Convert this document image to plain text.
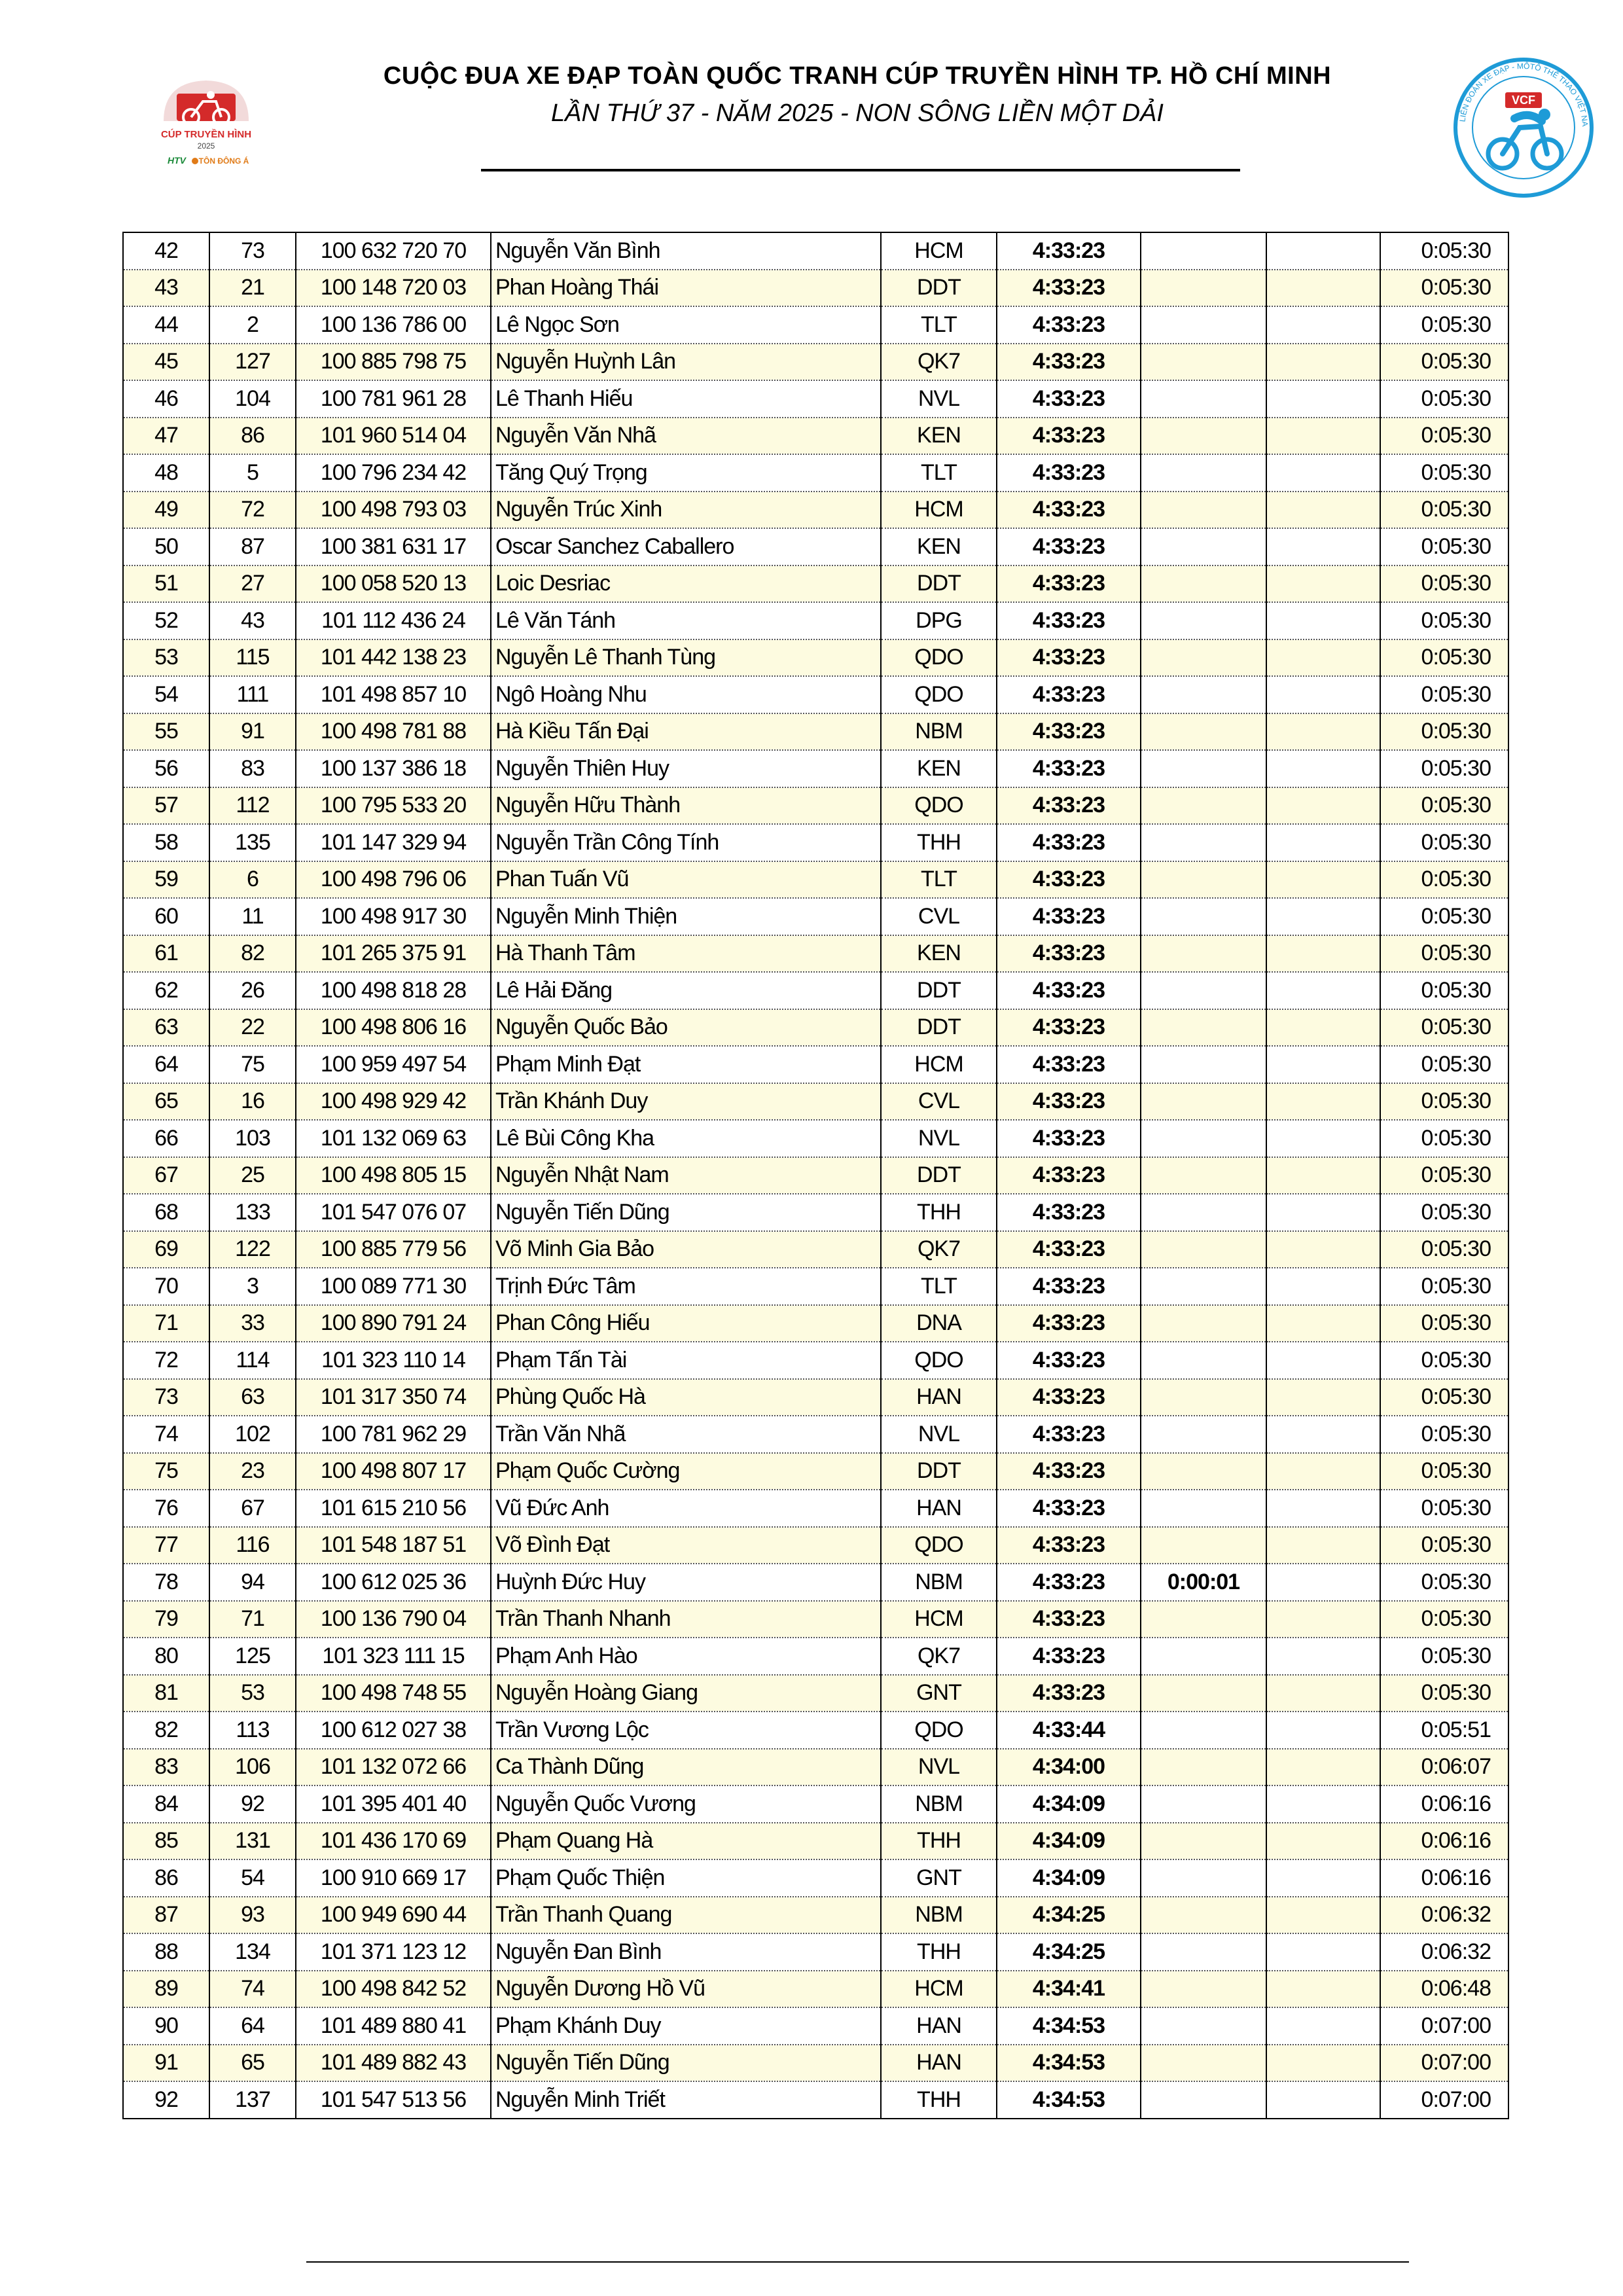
CÚP TRUYỀN HÌNH
2025
HTV TÔN ĐÔNG Á
CUỘC ĐUA XE ĐẠP TOÀN QUỐC TRANH CÚP TRUYỀN HÌNH TP. HỒ CHÍ MINH
LẦN THỨ 37 - NĂM 2025 - NON SÔNG LIỀN MỘT DẢI	LIÊN ĐOÀN XE ĐẠP - MÔTÔ THỂ THAO VIỆT NA
VCF
42	73	100 632 720 70	Nguyễn Văn Bình	HCM	4:33:23			0:05:30
43	21	100 148 720 03	Phan Hoàng Thái	DDT	4:33:23			0:05:30
44	2	100 136 786 00	Lê Ngọc Sơn	TLT	4:33:23			0:05:30
45	127	100 885 798 75	Nguyễn Huỳnh Lân	QK7	4:33:23			0:05:30
46	104	100 781 961 28	Lê Thanh Hiếu	NVL	4:33:23			0:05:30
47	86	101 960 514 04	Nguyễn Văn Nhã	KEN	4:33:23			0:05:30
48	5	100 796 234 42	Tăng Quý Trọng	TLT	4:33:23			0:05:30
49	72	100 498 793 03	Nguyễn Trúc Xinh	HCM	4:33:23			0:05:30
50	87	100 381 631 17	Oscar Sanchez Caballero	KEN	4:33:23			0:05:30
51	27	100 058 520 13	Loic Desriac	DDT	4:33:23			0:05:30
52	43	101 112 436 24	Lê Văn Tánh	DPG	4:33:23			0:05:30
53	115	101 442 138 23	Nguyễn Lê Thanh Tùng	QDO	4:33:23			0:05:30
54	111	101 498 857 10	Ngô Hoàng Nhu	QDO	4:33:23			0:05:30
55	91	100 498 781 88	Hà Kiều Tấn Đại	NBM	4:33:23			0:05:30
56	83	100 137 386 18	Nguyễn Thiên Huy	KEN	4:33:23			0:05:30
57	112	100 795 533 20	Nguyễn Hữu Thành	QDO	4:33:23			0:05:30
58	135	101 147 329 94	Nguyễn Trần Công Tính	THH	4:33:23			0:05:30
59	6	100 498 796 06	Phan Tuấn Vũ	TLT	4:33:23			0:05:30
60	11	100 498 917 30	Nguyễn Minh Thiện	CVL	4:33:23			0:05:30
61	82	101 265 375 91	Hà Thanh Tâm	KEN	4:33:23			0:05:30
62	26	100 498 818 28	Lê Hải Đăng	DDT	4:33:23			0:05:30
63	22	100 498 806 16	Nguyễn Quốc Bảo	DDT	4:33:23			0:05:30
64	75	100 959 497 54	Phạm Minh Đạt	HCM	4:33:23			0:05:30
65	16	100 498 929 42	Trần Khánh Duy	CVL	4:33:23			0:05:30
66	103	101 132 069 63	Lê Bùi Công Kha	NVL	4:33:23			0:05:30
67	25	100 498 805 15	Nguyễn Nhật Nam	DDT	4:33:23			0:05:30
68	133	101 547 076 07	Nguyễn Tiến Dũng	THH	4:33:23			0:05:30
69	122	100 885 779 56	Võ Minh Gia Bảo	QK7	4:33:23			0:05:30
70	3	100 089 771 30	Trịnh Đức Tâm	TLT	4:33:23			0:05:30
71	33	100 890 791 24	Phan Công Hiếu	DNA	4:33:23			0:05:30
72	114	101 323 110 14	Phạm Tấn Tài	QDO	4:33:23			0:05:30
73	63	101 317 350 74	Phùng Quốc Hà	HAN	4:33:23			0:05:30
74	102	100 781 962 29	Trần Văn Nhã	NVL	4:33:23			0:05:30
75	23	100 498 807 17	Phạm Quốc Cường	DDT	4:33:23			0:05:30
76	67	101 615 210 56	Vũ Đức Anh	HAN	4:33:23			0:05:30
77	116	101 548 187 51	Võ Đình Đạt	QDO	4:33:23			0:05:30
78	94	100 612 025 36	Huỳnh Đức Huy	NBM	4:33:23	0:00:01		0:05:30
79	71	100 136 790 04	Trần Thanh Nhanh	HCM	4:33:23			0:05:30
80	125	101 323 111 15	Phạm Anh Hào	QK7	4:33:23			0:05:30
81	53	100 498 748 55	Nguyễn Hoàng Giang	GNT	4:33:23			0:05:30
82	113	100 612 027 38	Trần Vương Lộc	QDO	4:33:44			0:05:51
83	106	101 132 072 66	Ca Thành Dũng	NVL	4:34:00			0:06:07
84	92	101 395 401 40	Nguyễn Quốc Vương	NBM	4:34:09			0:06:16
85	131	101 436 170 69	Phạm Quang Hà	THH	4:34:09			0:06:16
86	54	100 910 669 17	Phạm Quốc Thiện	GNT	4:34:09			0:06:16
87	93	100 949 690 44	Trần Thanh Quang	NBM	4:34:25			0:06:32
88	134	101 371 123 12	Nguyễn Đan Bình	THH	4:34:25			0:06:32
89	74	100 498 842 52	Nguyễn Dương Hồ Vũ	HCM	4:34:41			0:06:48
90	64	101 489 880 41	Phạm Khánh Duy	HAN	4:34:53			0:07:00
91	65	101 489 882 43	Nguyễn Tiến Dũng	HAN	4:34:53			0:07:00
92	137	101 547 513 56	Nguyễn Minh Triết	THH	4:34:53			0:07:00
